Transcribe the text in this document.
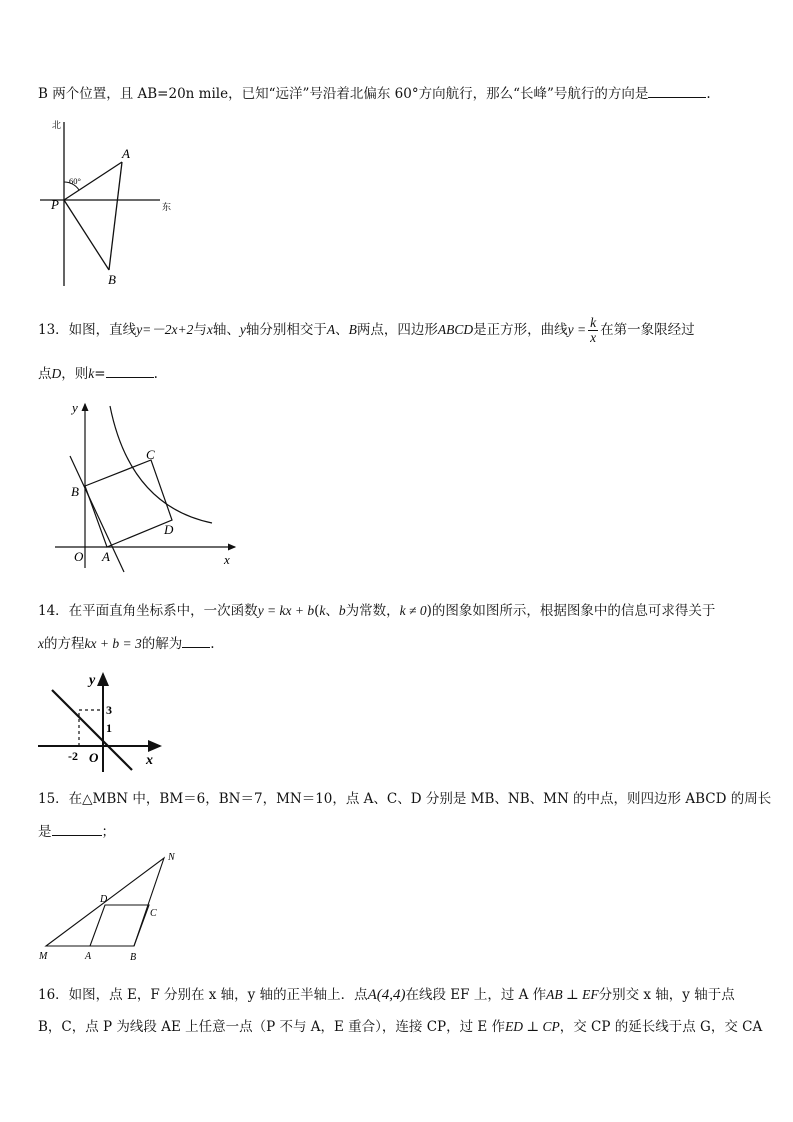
B 两个位置，且 AB=20n mile，已知“远洋”号沿着北偏东 60°方向航行，那么“长峰”号航行的方向是	.
北
东
60°
P
A
B
13．如图，直线y=－2x+2与x轴、y轴分别相交于A、B两点，四边形ABCD是正方形，曲线$y = \frac{k}{x}$ 在第一象限经过
点D，则k=	.
y
x
O A
B
C
D
14．在平面直角坐标系中，一次函数y = kx + b(k、b为常数，k ≠ 0)的图象如图所示，根据图象中的信息可求得关于
x的方程kx + b = 3的解为 .
y
x
3
1
-2 O
15．在△MBN 中，BM＝6，BN＝7，MN＝10，点 A、C、D 分别是 MB、NB、MN 的中点，则四边形 ABCD 的周长
是	；
M	A	B
C
D
N
16．如图，点 E，F 分别在 x 轴，y 轴的正半轴上．点A(4,4)在线段 EF 上，过 A 作AB ⊥ EF分别交 x 轴，y 轴于点
B，C，点 P 为线段 AE 上任意一点（P 不与 A，E 重合），连接 CP，过 E 作ED ⊥ CP，交 CP 的延长线于点 G，交 CA
